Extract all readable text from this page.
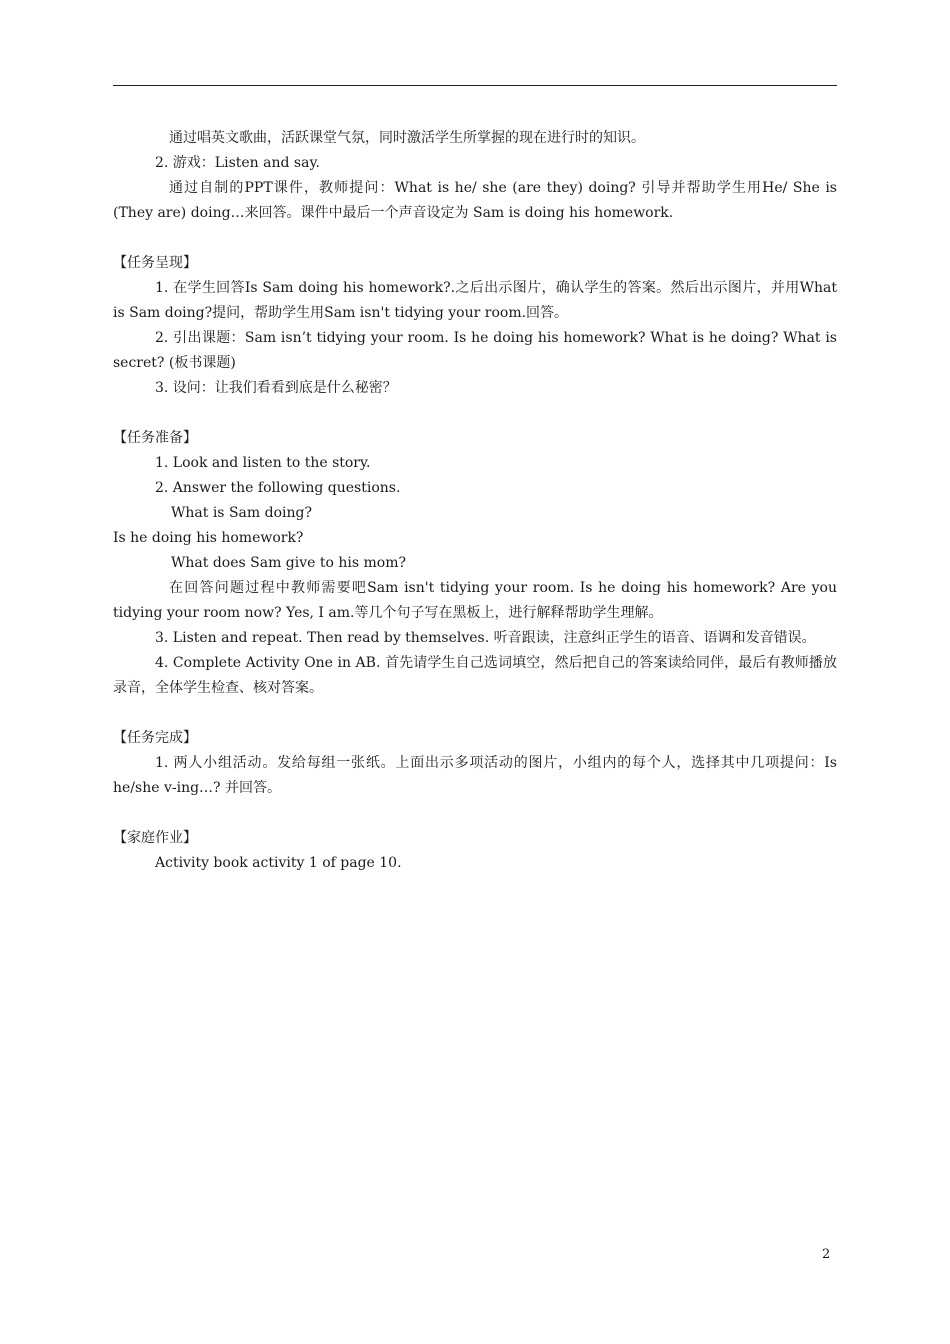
通过唱英文歌曲，活跃课堂气氛，同时激活学生所掌握的现在进行时的知识。

2. 游戏：Listen and say.

通过自制的PPT课件，教师提问：What is he/ she (are they) doing? 引导并帮助学生用He/ She is (They are) doing…来回答。课件中最后一个声音设定为 Sam is doing his homework.

【任务呈现】

1. 在学生回答Is Sam doing his homework?.之后出示图片，确认学生的答案。然后出示图片，并用What is Sam doing?提问，帮助学生用Sam isn't tidying your room.回答。

2. 引出课题：Sam isn’t tidying your room. Is he doing his homework? What is he doing? What is secret? (板书课题)

3. 设问：让我们看看到底是什么秘密？

【任务准备】

1. Look and listen to the story.

2. Answer the following questions.

What is Sam doing?

Is he doing his homework?

What does Sam give to his mom?

在回答问题过程中教师需要吧Sam isn't tidying your room. Is he doing his homework? Are you tidying your room now? Yes, I am.等几个句子写在黑板上，进行解释帮助学生理解。

3. Listen and repeat. Then read by themselves. 听音跟读，注意纠正学生的语音、语调和发音错误。

4. Complete Activity One in AB. 首先请学生自己选词填空，然后把自己的答案读给同伴，最后有教师播放录音，全体学生检查、核对答案。

【任务完成】

1. 两人小组活动。发给每组一张纸。上面出示多项活动的图片，小组内的每个人，选择其中几项提问：Is he/she v-ing…? 并回答。

【家庭作业】

Activity book activity 1 of page 10.

2
